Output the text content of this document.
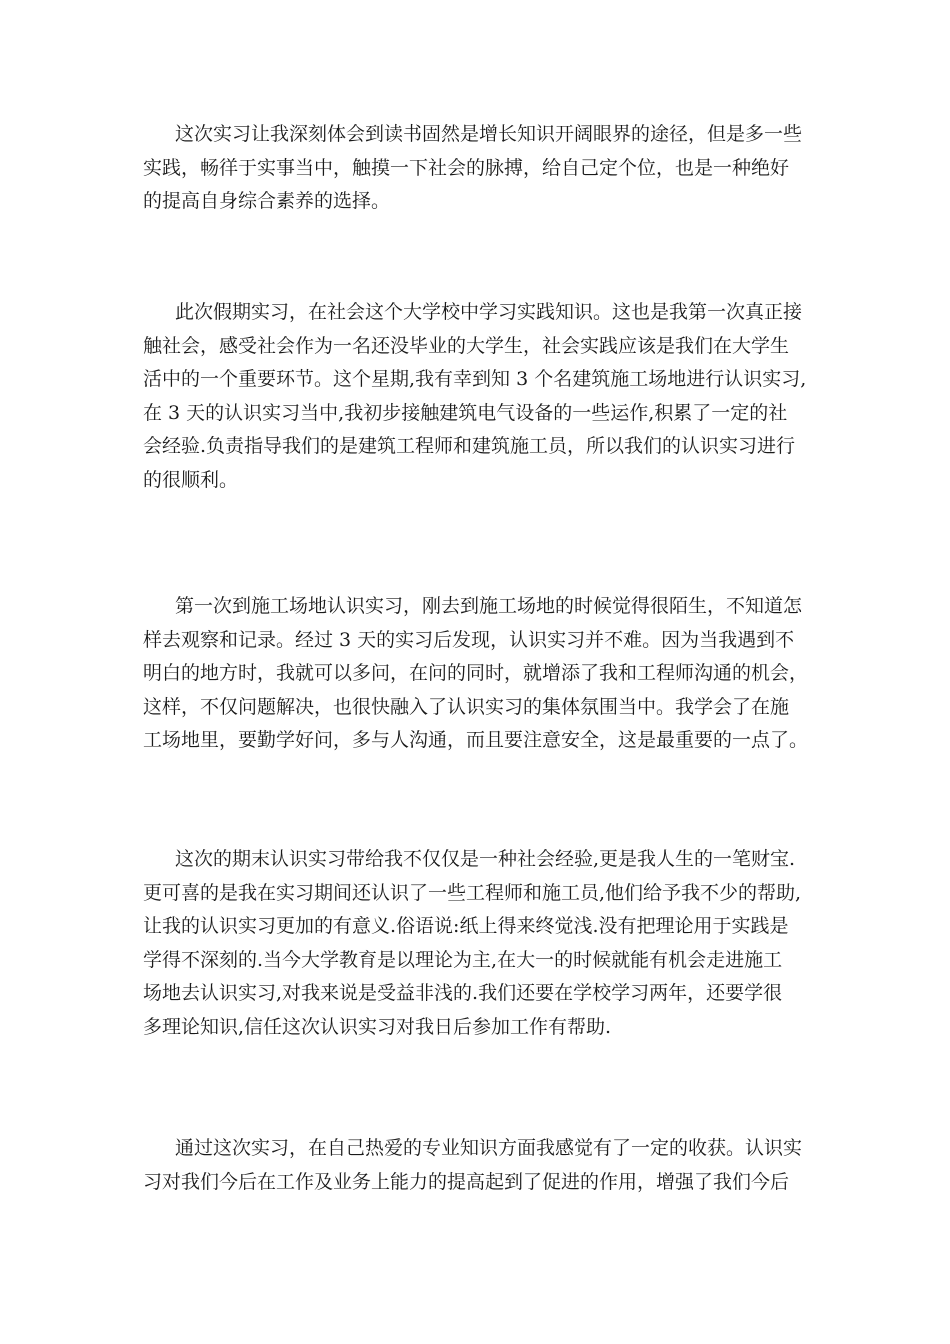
这次实习让我深刻体会到读书固然是增长知识开阔眼界的途径，但是多一些
实践，畅徉于实事当中，触摸一下社会的脉搏，给自己定个位，也是一种绝好
的提高自身综合素养的选择。
此次假期实习，在社会这个大学校中学习实践知识。这也是我第一次真正接
触社会，感受社会作为一名还没毕业的大学生，社会实践应该是我们在大学生
活中的一个重要环节。这个星期,我有幸到知 3 个名建筑施工场地进行认识实习,
在 3 天的认识实习当中,我初步接触建筑电气设备的一些运作,积累了一定的社
会经验.负责指导我们的是建筑工程师和建筑施工员，所以我们的认识实习进行
的很顺利。
第一次到施工场地认识实习，刚去到施工场地的时候觉得很陌生，不知道怎
样去观察和记录。经过 3 天的实习后发现，认识实习并不难。因为当我遇到不
明白的地方时，我就可以多问，在问的同时，就增添了我和工程师沟通的机会，
这样，不仅问题解决，也很快融入了认识实习的集体氛围当中。我学会了在施
工场地里，要勤学好问，多与人沟通，而且要注意安全，这是最重要的一点了。
这次的期末认识实习带给我不仅仅是一种社会经验,更是我人生的一笔财宝.
更可喜的是我在实习期间还认识了一些工程师和施工员,他们给予我不少的帮助,
让我的认识实习更加的有意义.俗语说:纸上得来终觉浅.没有把理论用于实践是
学得不深刻的.当今大学教育是以理论为主,在大一的时候就能有机会走进施工
场地去认识实习,对我来说是受益非浅的.我们还要在学校学习两年，还要学很
多理论知识,信任这次认识实习对我日后参加工作有帮助.
通过这次实习，在自己热爱的专业知识方面我感觉有了一定的收获。认识实
习对我们今后在工作及业务上能力的提高起到了促进的作用，增强了我们今后
